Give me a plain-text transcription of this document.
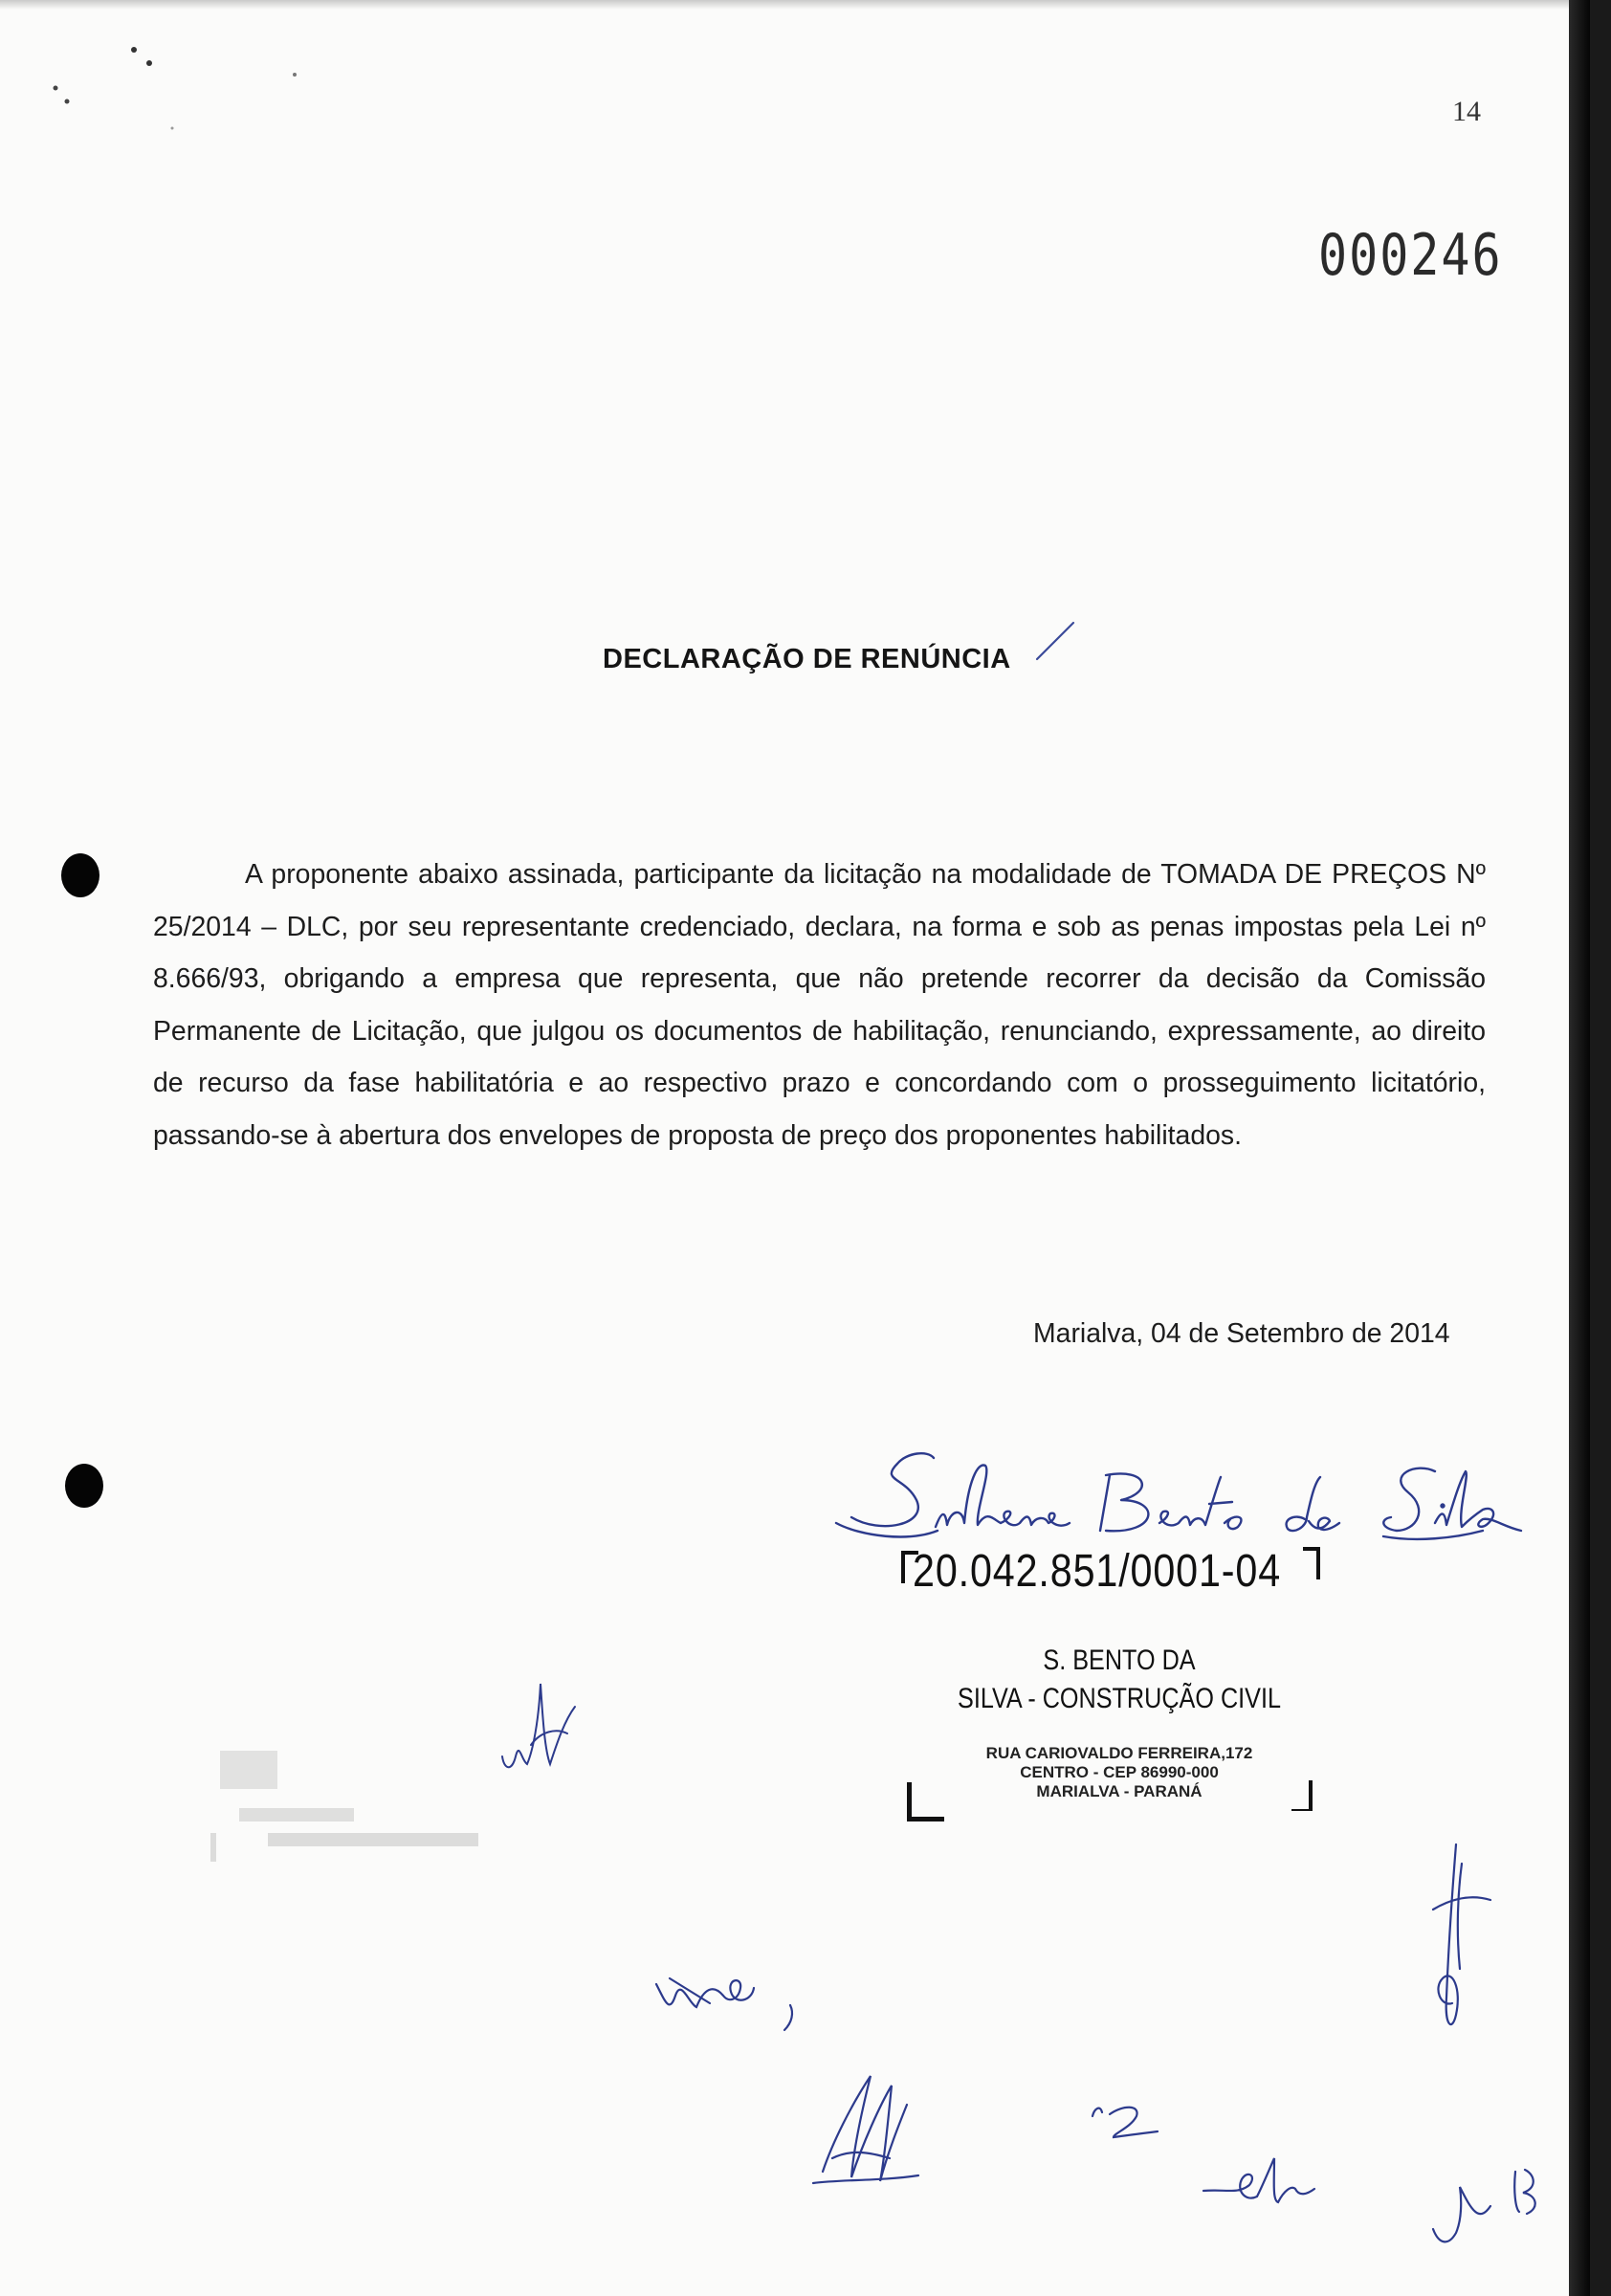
14
000246
DECLARAÇÃO DE RENÚNCIA

A proponente abaixo assinada, participante da licitação na modalidade de TOMADA DE PREÇOS Nº 25/2014 – DLC, por seu representante credenciado, declara, na forma e sob as penas impostas pela Lei nº 8.666/93, obrigando a empresa que representa, que não pretende recorrer da decisão da Comissão Permanente de Licitação, que julgou os documentos de habilitação, renunciando, expressamente, ao direito de recurso da fase habilitatória e ao respectivo prazo e concordando com o prosseguimento licitatório, passando-se à abertura dos envelopes de proposta de preço dos proponentes habilitados.

Marialva, 04 de Setembro de 2014
20.042.851/0001-04
S. BENTO DA
SILVA - CONSTRUÇÃO CIVIL
RUA CARIOVALDO FERREIRA,172
CENTRO - CEP 86990-000
MARIALVA - PARANÁ
